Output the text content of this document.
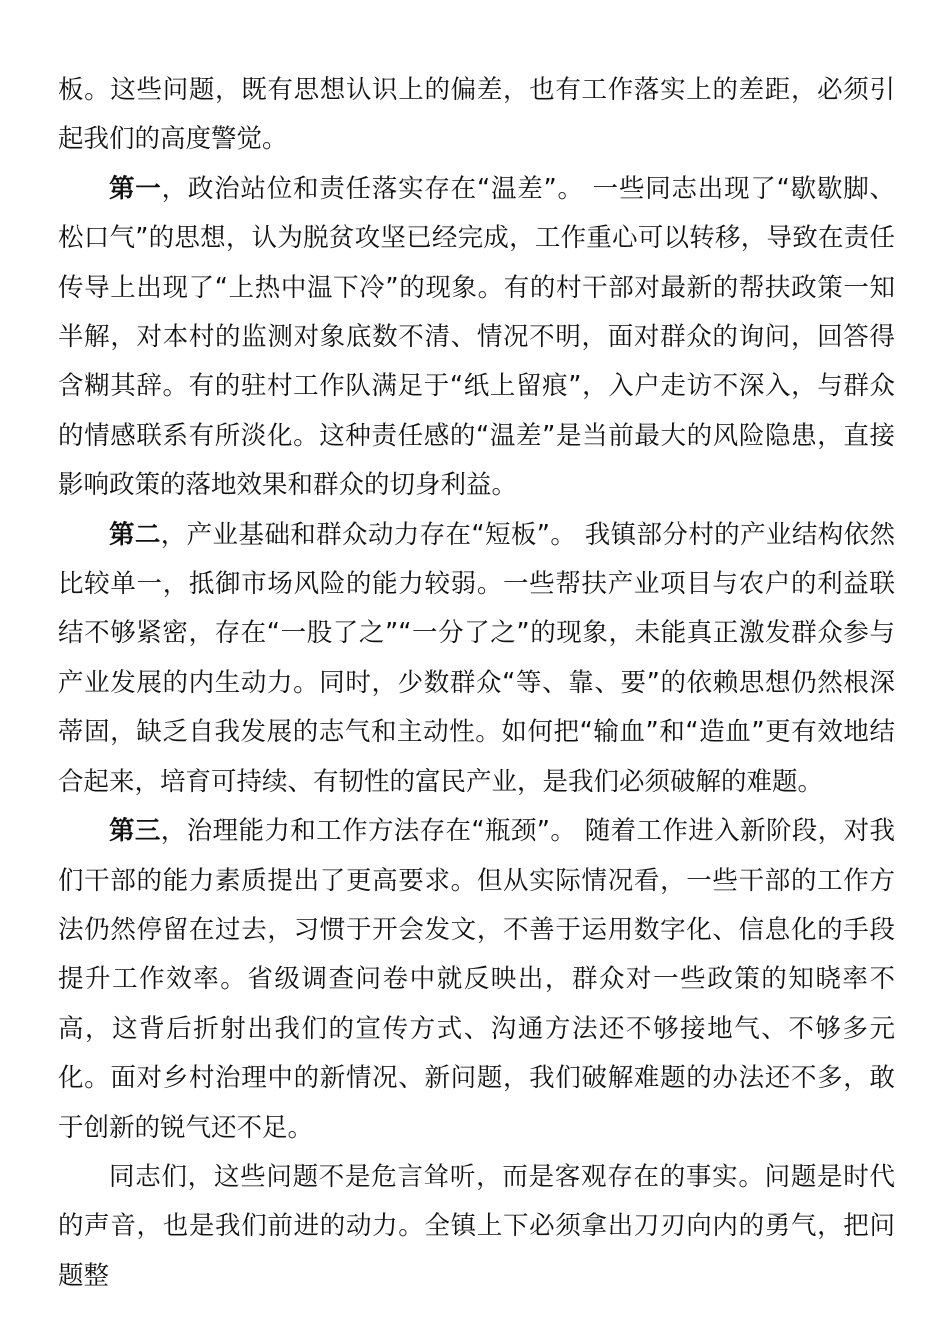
板。这些问题，既有思想认识上的偏差，也有工作落实上的差距，必须引起我们的高度警觉。

第一，政治站位和责任落实存在“温差”。 一些同志出现了“歇歇脚、松口气”的思想，认为脱贫攻坚已经完成，工作重心可以转移，导致在责任传导上出现了“上热中温下冷”的现象。有的村干部对最新的帮扶政策一知半解，对本村的监测对象底数不清、情况不明，面对群众的询问，回答得含糊其辞。有的驻村工作队满足于“纸上留痕”，入户走访不深入，与群众的情感联系有所淡化。这种责任感的“温差”是当前最大的风险隐患，直接影响政策的落地效果和群众的切身利益。

第二，产业基础和群众动力存在“短板”。 我镇部分村的产业结构依然比较单一，抵御市场风险的能力较弱。一些帮扶产业项目与农户的利益联结不够紧密，存在“一股了之”“一分了之”的现象，未能真正激发群众参与产业发展的内生动力。同时，少数群众“等、靠、要”的依赖思想仍然根深蒂固，缺乏自我发展的志气和主动性。如何把“输血”和“造血”更有效地结合起来，培育可持续、有韧性的富民产业，是我们必须破解的难题。

第三，治理能力和工作方法存在“瓶颈”。 随着工作进入新阶段，对我们干部的能力素质提出了更高要求。但从实际情况看，一些干部的工作方法仍然停留在过去，习惯于开会发文，不善于运用数字化、信息化的手段提升工作效率。省级调查问卷中就反映出，群众对一些政策的知晓率不高，这背后折射出我们的宣传方式、沟通方法还不够接地气、不够多元化。面对乡村治理中的新情况、新问题，我们破解难题的办法还不多，敢于创新的锐气还不足。

同志们，这些问题不是危言耸听，而是客观存在的事实。问题是时代的声音，也是我们前进的动力。全镇上下必须拿出刀刃向内的勇气，把问题整
